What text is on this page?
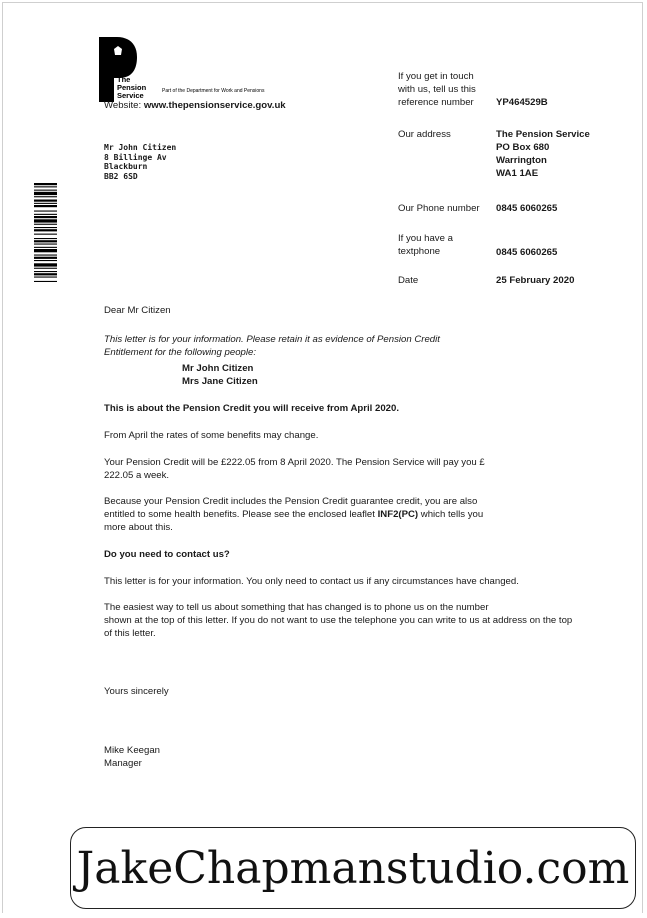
The
Pension
Service	Part of the Department for Work and Pensions
Website: www.thepensionservice.gov.uk
Mr John Citizen
8 Billinge Av
Blackburn
BB2 6SD
If you get in touch
with us, tell us this
reference number YP464529B
Our address	The Pension Service
PO Box 680
Warrington
WA1 1AE
Our Phone number 0845 6060265
If you have a
textphone	0845 6060265
Date	25 February 2020
Dear Mr Citizen
This letter is for your information. Please retain it as evidence of Pension Credit
Entitlement for the following people:
Mr John Citizen
Mrs Jane Citizen
This is about the Pension Credit you will receive from April 2020.
From April the rates of some benefits may change.
Your Pension Credit will be £222.05 from 8 April 2020. The Pension Service will pay you £
222.05 a week.
Because your Pension Credit includes the Pension Credit guarantee credit, you are also
entitled to some health benefits. Please see the enclosed leaflet INF2(PC) which tells you
more about this.
Do you need to contact us?
This letter is for your information. You only need to contact us if any circumstances have changed.
The easiest way to tell us about something that has changed is to phone us on the number
shown at the top of this letter. If you do not want to use the telephone you can write to us at address on the top
of this letter.
Yours sincerely
Mike Keegan
Manager
JakeChapmanstudio.com
